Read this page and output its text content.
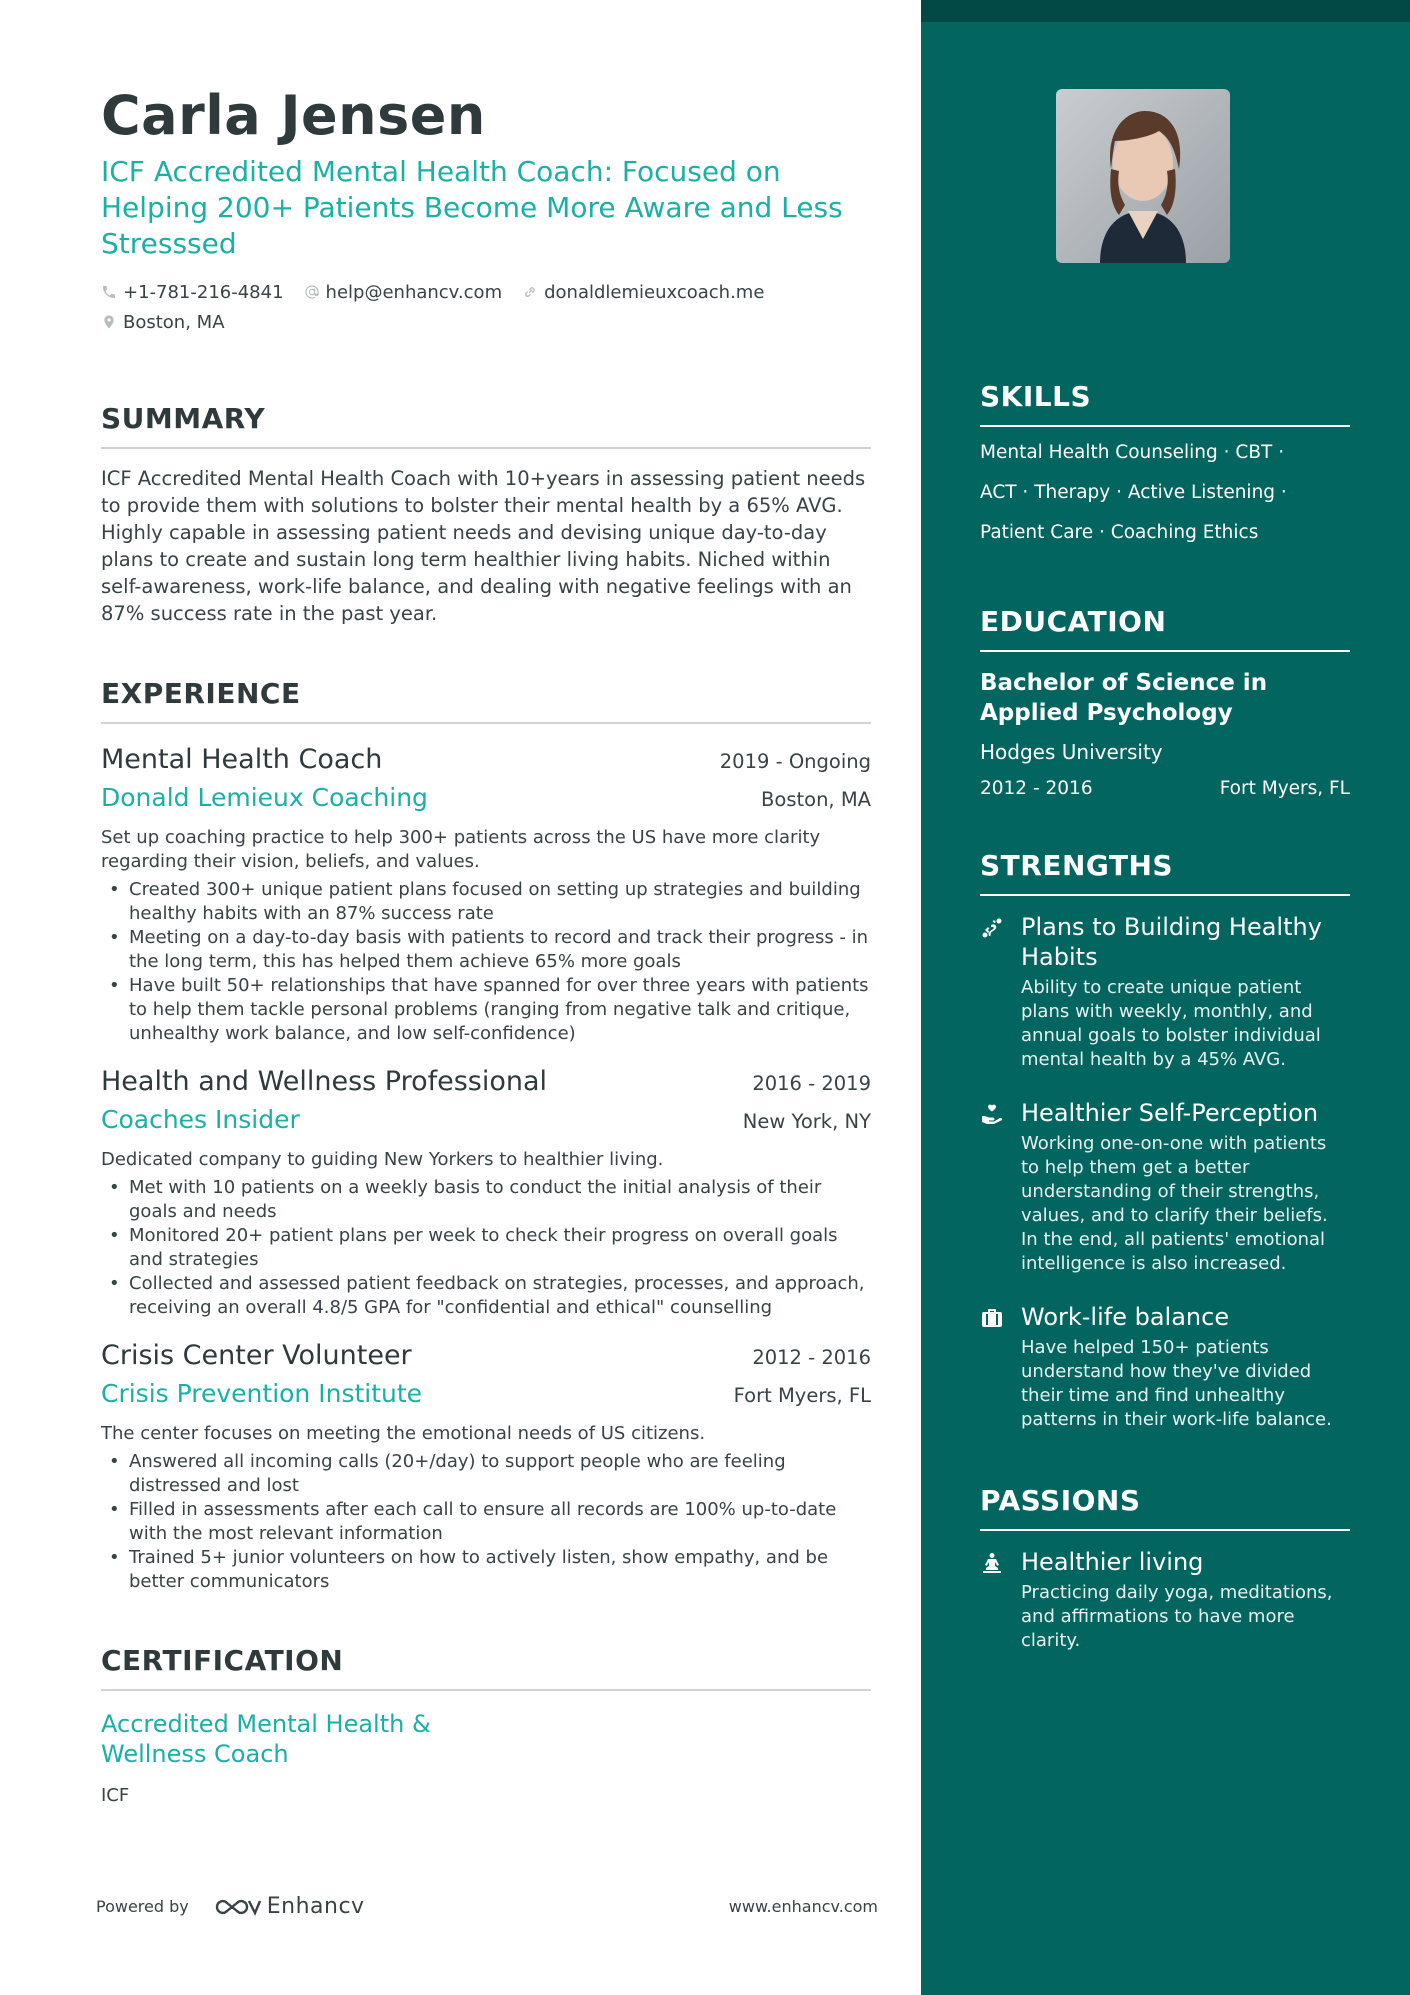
Carla Jensen
ICF Accredited Mental Health Coach: Focused on Helping 200+ Patients Become More Aware and Less Stresssed
+1-781-216-4841 help@enhancv.com donaldlemieuxcoach.me
Boston, MA
SUMMARY
ICF Accredited Mental Health Coach with 10+years in assessing patient needs to provide them with solutions to bolster their mental health by a 65% AVG. Highly capable in assessing patient needs and devising unique day-to-day plans to create and sustain long term healthier living habits. Niched within self-awareness, work-life balance, and dealing with negative feelings with an 87% success rate in the past year.
EXPERIENCE
Mental Health Coach	2019 - Ongoing
Donald Lemieux Coaching	Boston, MA
Set up coaching practice to help 300+ patients across the US have more clarity regarding their vision, beliefs, and values.
• Created 300+ unique patient plans focused on setting up strategies and building healthy habits with an 87% success rate
• Meeting on a day-to-day basis with patients to record and track their progress - in the long term, this has helped them achieve 65% more goals
• Have built 50+ relationships that have spanned for over three years with patients to help them tackle personal problems (ranging from negative talk and critique, unhealthy work balance, and low self-confidence)
Health and Wellness Professional	2016 - 2019
Coaches Insider	New York, NY
Dedicated company to guiding New Yorkers to healthier living.
• Met with 10 patients on a weekly basis to conduct the initial analysis of their goals and needs
• Monitored 20+ patient plans per week to check their progress on overall goals and strategies
• Collected and assessed patient feedback on strategies, processes, and approach, receiving an overall 4.8/5 GPA for "confidential and ethical" counselling
Crisis Center Volunteer	2012 - 2016
Crisis Prevention Institute	Fort Myers, FL
The center focuses on meeting the emotional needs of US citizens.
• Answered all incoming calls (20+/day) to support people who are feeling distressed and lost
• Filled in assessments after each call to ensure all records are 100% up-to-date with the most relevant information
• Trained 5+ junior volunteers on how to actively listen, show empathy, and be better communicators
CERTIFICATION
Accredited Mental Health & Wellness Coach
ICF
Powered by	Enhancv	www.enhancv.com
SKILLS
Mental Health Counseling · CBT ·
ACT · Therapy · Active Listening ·
Patient Care · Coaching Ethics
EDUCATION
Bachelor of Science in Applied Psychology
Hodges University
2012 - 2016	Fort Myers, FL
STRENGTHS
Plans to Building Healthy Habits
Ability to create unique patient plans with weekly, monthly, and annual goals to bolster individual mental health by a 45% AVG.
Healthier Self-Perception
Working one-on-one with patients to help them get a better understanding of their strengths, values, and to clarify their beliefs. In the end, all patients' emotional intelligence is also increased.
Work-life balance
Have helped 150+ patients understand how they've divided their time and find unhealthy patterns in their work-life balance.
PASSIONS
Healthier living
Practicing daily yoga, meditations, and affirmations to have more clarity.
